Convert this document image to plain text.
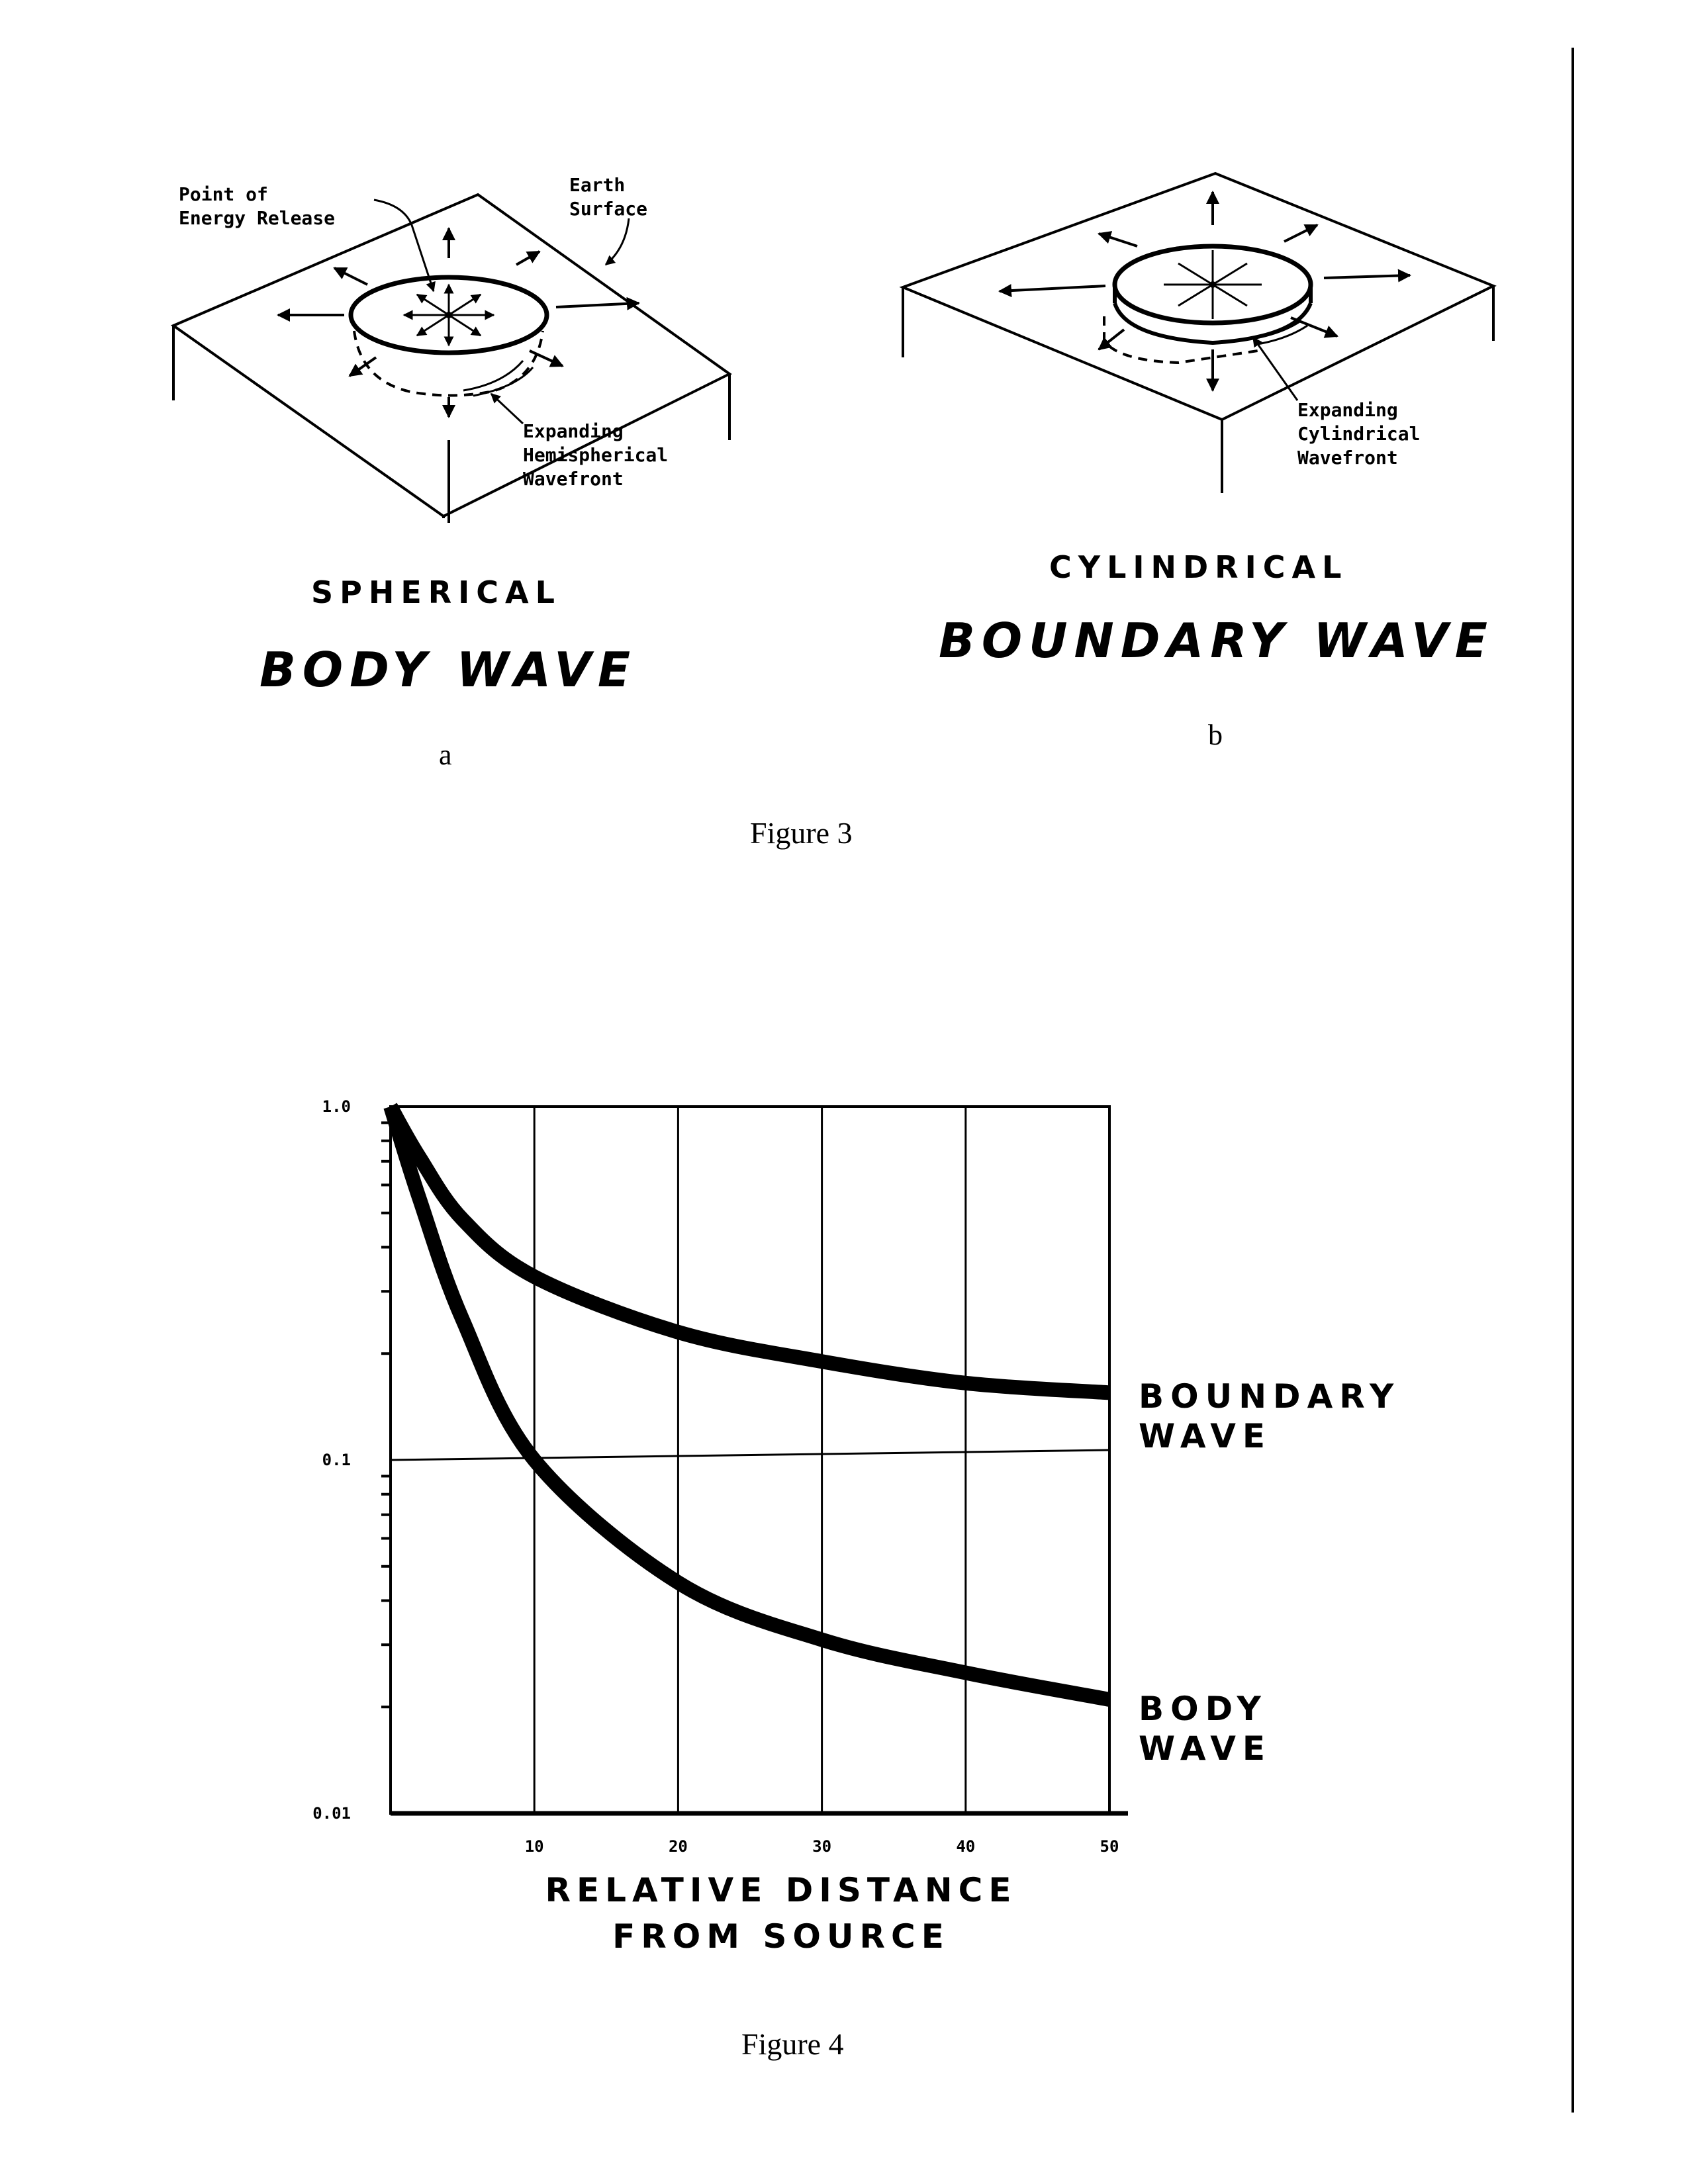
Point of
Energy Release
Earth
Surface
Expanding
Hemispherical
Wavefront
SPHERICAL
BODY WAVE
a
Expanding
Cylindrical
Wavefront
CYLINDRICAL
BOUNDARY WAVE
b
Figure 3
1.0
0.1
0.01
10	20	30	40	50
BOUNDARY
WAVE
BODY
WAVE
RELATIVE DISTANCE
FROM SOURCE
Figure 4
